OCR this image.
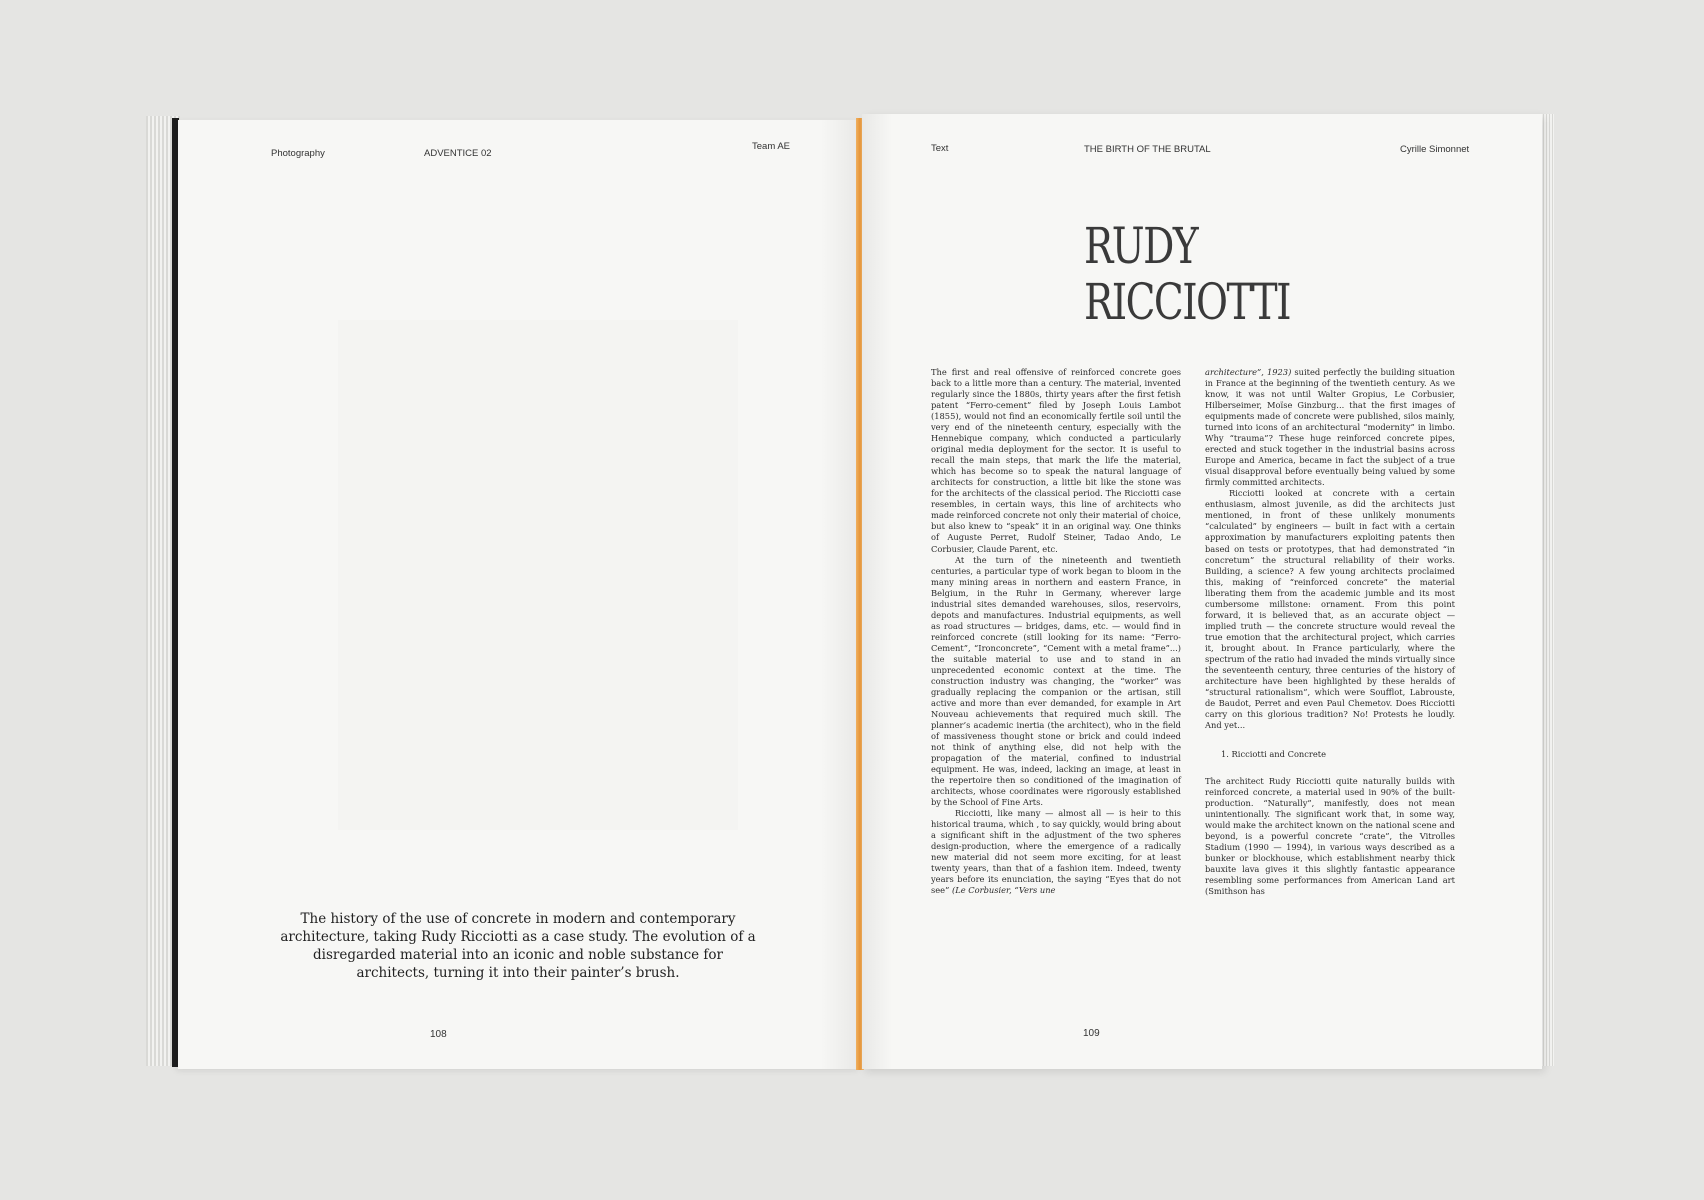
Photography	ADVENTICE 02
Team AE
The history of the use of concrete in modern and contemporary architecture, taking Rudy Ricciotti as a case study. The evolution of a disregarded material into an iconic and noble substance for architects, turning it into their painter’s brush.
108
Text	THE BIRTH OF THE BRUTAL	Cyrille Simonnet
RUDY
RICCIOTTI

The first and real offensive of reinforced concrete goes back to a little more than a century. The material, invented regularly since the 1880s, thirty years after the first fetish patent “Ferro-cement” filed by Joseph Louis Lambot (1855), would not find an economically fertile soil until the very end of the nineteenth century, especially with the Hennebique company, which conducted a particularly original media deployment for the sector. It is useful to recall the main steps, that mark the life the material, which has become so to speak the natural language of architects for construction, a little bit like the stone was for the architects of the classical period. The Ricciotti case resembles, in certain ways, this line of architects who made reinforced concrete not only their material of choice, but also knew to “speak” it in an original way. One thinks of Auguste Perret, Rudolf Steiner, Tadao Ando, Le Corbusier, Claude Parent, etc.

At the turn of the nineteenth and twentieth centuries, a particular type of work began to bloom in the many mining areas in northern and eastern France, in Belgium, in the Ruhr in Germany, wherever large industrial sites demanded warehouses, silos, reservoirs, depots and manufactures. Industrial equipments, as well as road structures — bridges, dams, etc. — would find in reinforced concrete (still looking for its name: “Ferro-Cement”, “Ironconcrete”, “Cement with a metal frame”...) the suitable material to use and to stand in an unprecedented economic context at the time. The construction industry was changing, the “worker” was gradually replacing the companion or the artisan, still active and more than ever demanded, for example in Art Nouveau achievements that required much skill. The planner’s academic inertia (the architect), who in the field of massiveness thought stone or brick and could indeed not think of anything else, did not help with the propagation of the material, confined to industrial equipment. He was, indeed, lacking an image, at least in the repertoire then so conditioned of the imagination of architects, whose coordinates were rigorously established by the School of Fine Arts.

Ricciotti, like many — almost all — is heir to this historical trauma, which , to say quickly, would bring about a significant shift in the adjustment of the two spheres design-production, where the emergence of a radically new material did not seem more exciting, for at least twenty years, than that of a fashion item. Indeed, twenty years before its enunciation, the saying “Eyes that do not see” (Le Corbusier, “Vers une

architecture”, 1923) suited perfectly the building situation in France at the beginning of the twentieth century. As we know, it was not until Walter Gropius, Le Corbusier, Hilberseimer, Moïse Ginzburg... that the first images of equipments made of concrete were published, silos mainly, turned into icons of an architectural “modernity” in limbo. Why “trauma”? These huge reinforced concrete pipes, erected and stuck together in the industrial basins across Europe and America, became in fact the subject of a true visual disapproval before eventually being valued by some firmly committed architects.

Ricciotti looked at concrete with a certain enthusiasm, almost juvenile, as did the architects just mentioned, in front of these unlikely monuments “calculated” by engineers — built in fact with a certain approximation by manufacturers exploiting patents then based on tests or prototypes, that had demonstrated “in concretum” the structural reliability of their works. Building, a science? A few young architects proclaimed this, making of “reinforced concrete” the material liberating them from the academic jumble and its most cumbersome millstone: ornament. From this point forward, it is believed that, as an accurate object — implied truth — the concrete structure would reveal the true emotion that the architectural project, which carries it, brought about. In France particularly, where the spectrum of the ratio had invaded the minds virtually since the seventeenth century, three centuries of the history of architecture have been highlighted by these heralds of “structural rationalism”, which were Soufflot, Labrouste, de Baudot, Perret and even Paul Chemetov. Does Ricciotti carry on this glorious tradition? No! Protests he loudly. And yet...

1. Ricciotti and Concrete

The architect Rudy Ricciotti quite naturally builds with reinforced concrete, a material used in 90% of the built-production. “Naturally”, manifestly, does not mean unintentionally. The significant work that, in some way, would make the architect known on the national scene and beyond, is a powerful concrete “crate”, the Vitrolles Stadium (1990 — 1994), in various ways described as a bunker or blockhouse, which establishment nearby thick bauxite lava gives it this slightly fantastic appearance resembling some performances from American Land art (Smithson has

109
